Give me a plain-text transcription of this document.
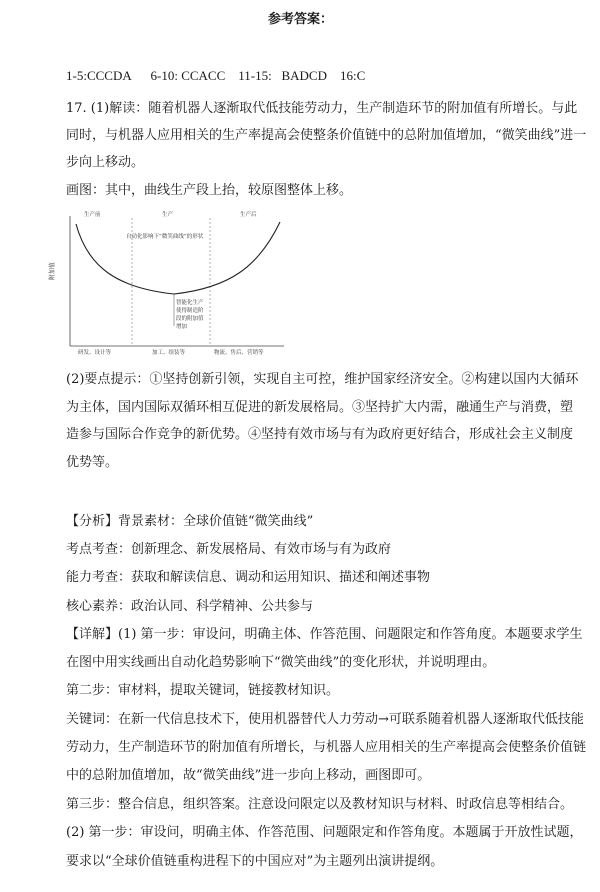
参考答案：
1-5:CCCDA      6-10: CCACC    11-15:   BADCD    16:C
17. (1)解读：随着机器人逐渐取代低技能劳动力，生产制造环节的附加值有所增长。与此
同时，与机器人应用相关的生产率提高会使整条价值链中的总附加值增加，“微笑曲线”进一
步向上移动。
画图：其中，曲线生产段上抬，较原图整体上移。
附加值
生产前	生产	生产后
自动化影响下“微笑曲线”的形状
智能化生产
使得制造阶
段的附加值
增加
研发、设计等	加工、组装等	物流、售后、营销等
(2)要点提示：①坚持创新引领，实现自主可控，维护国家经济安全。②构建以国内大循环
为主体，国内国际双循环相互促进的新发展格局。③坚持扩大内需，融通生产与消费，塑
造参与国际合作竞争的新优势。④坚持有效市场与有为政府更好结合，形成社会主义制度
优势等。
【分析】背景素材：全球价值链“微笑曲线”
考点考查：创新理念、新发展格局、有效市场与有为政府
能力考查：获取和解读信息、调动和运用知识、描述和阐述事物
核心素养：政治认同、科学精神、公共参与
【详解】(1) 第一步：审设问，明确主体、作答范围、问题限定和作答角度。本题要求学生
在图中用实线画出自动化趋势影响下“微笑曲线”的变化形状，并说明理由。
第二步：审材料，提取关键词，链接教材知识。
关键词：在新一代信息技术下，使用机器替代人力劳动→可联系随着机器人逐渐取代低技能
劳动力，生产制造环节的附加值有所增长，与机器人应用相关的生产率提高会使整条价值链
中的总附加值增加，故“微笑曲线”进一步向上移动，画图即可。
第三步：整合信息，组织答案。注意设问限定以及教材知识与材料、时政信息等相结合。
(2) 第一步：审设问，明确主体、作答范围、问题限定和作答角度。本题属于开放性试题，
要求以“全球价值链重构进程下的中国应对”为主题列出演讲提纲。
